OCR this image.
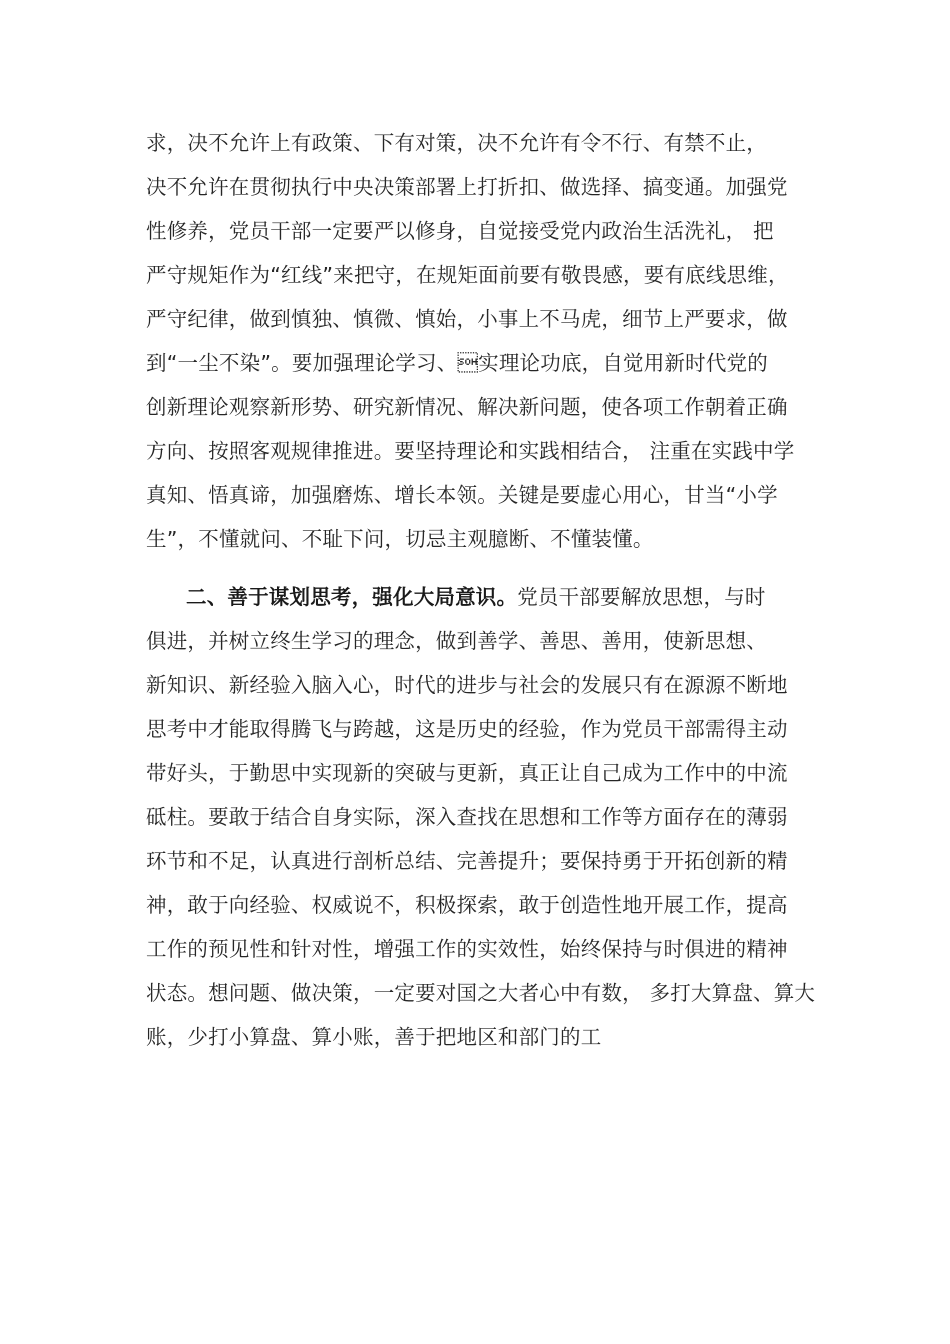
求，决不允许上有政策、下有对策，决不允许有令不行、有禁不止，
决不允许在贯彻执行中央决策部署上打折扣、做选择、搞变通。加强党
性修养，党员干部一定要严以修身，自觉接受党内政治生活洗礼， 把
严守规矩作为“红线”来把守，在规矩面前要有敬畏感，要有底线思维，
严守纪律，做到慎独、慎微、慎始，小事上不马虎，细节上严要求，做
到“一尘不染”。要加强理论学习、实理论功底，自觉用新时代党的
创新理论观察新形势、研究新情况、解决新问题，使各项工作朝着正确
方向、按照客观规律推进。要坚持理论和实践相结合， 注重在实践中学
真知、悟真谛，加强磨炼、增长本领。关键是要虚心用心，甘当“小学
生”，不懂就问、不耻下问，切忌主观臆断、不懂装懂。
二、善于谋划思考，强化大局意识。党员干部要解放思想，与时
俱进，并树立终生学习的理念，做到善学、善思、善用，使新思想、
新知识、新经验入脑入心，时代的进步与社会的发展只有在源源不断地
思考中才能取得腾飞与跨越，这是历史的经验，作为党员干部需得主动
带好头，于勤思中实现新的突破与更新，真正让自己成为工作中的中流
砥柱。要敢于结合自身实际，深入查找在思想和工作等方面存在的薄弱
环节和不足，认真进行剖析总结、完善提升；要保持勇于开拓创新的精
神，敢于向经验、权威说不，积极探索，敢于创造性地开展工作，提高
工作的预见性和针对性，增强工作的实效性，始终保持与时俱进的精神
状态。想问题、做决策，一定要对国之大者心中有数， 多打大算盘、算大
账，少打小算盘、算小账，善于把地区和部门的工
